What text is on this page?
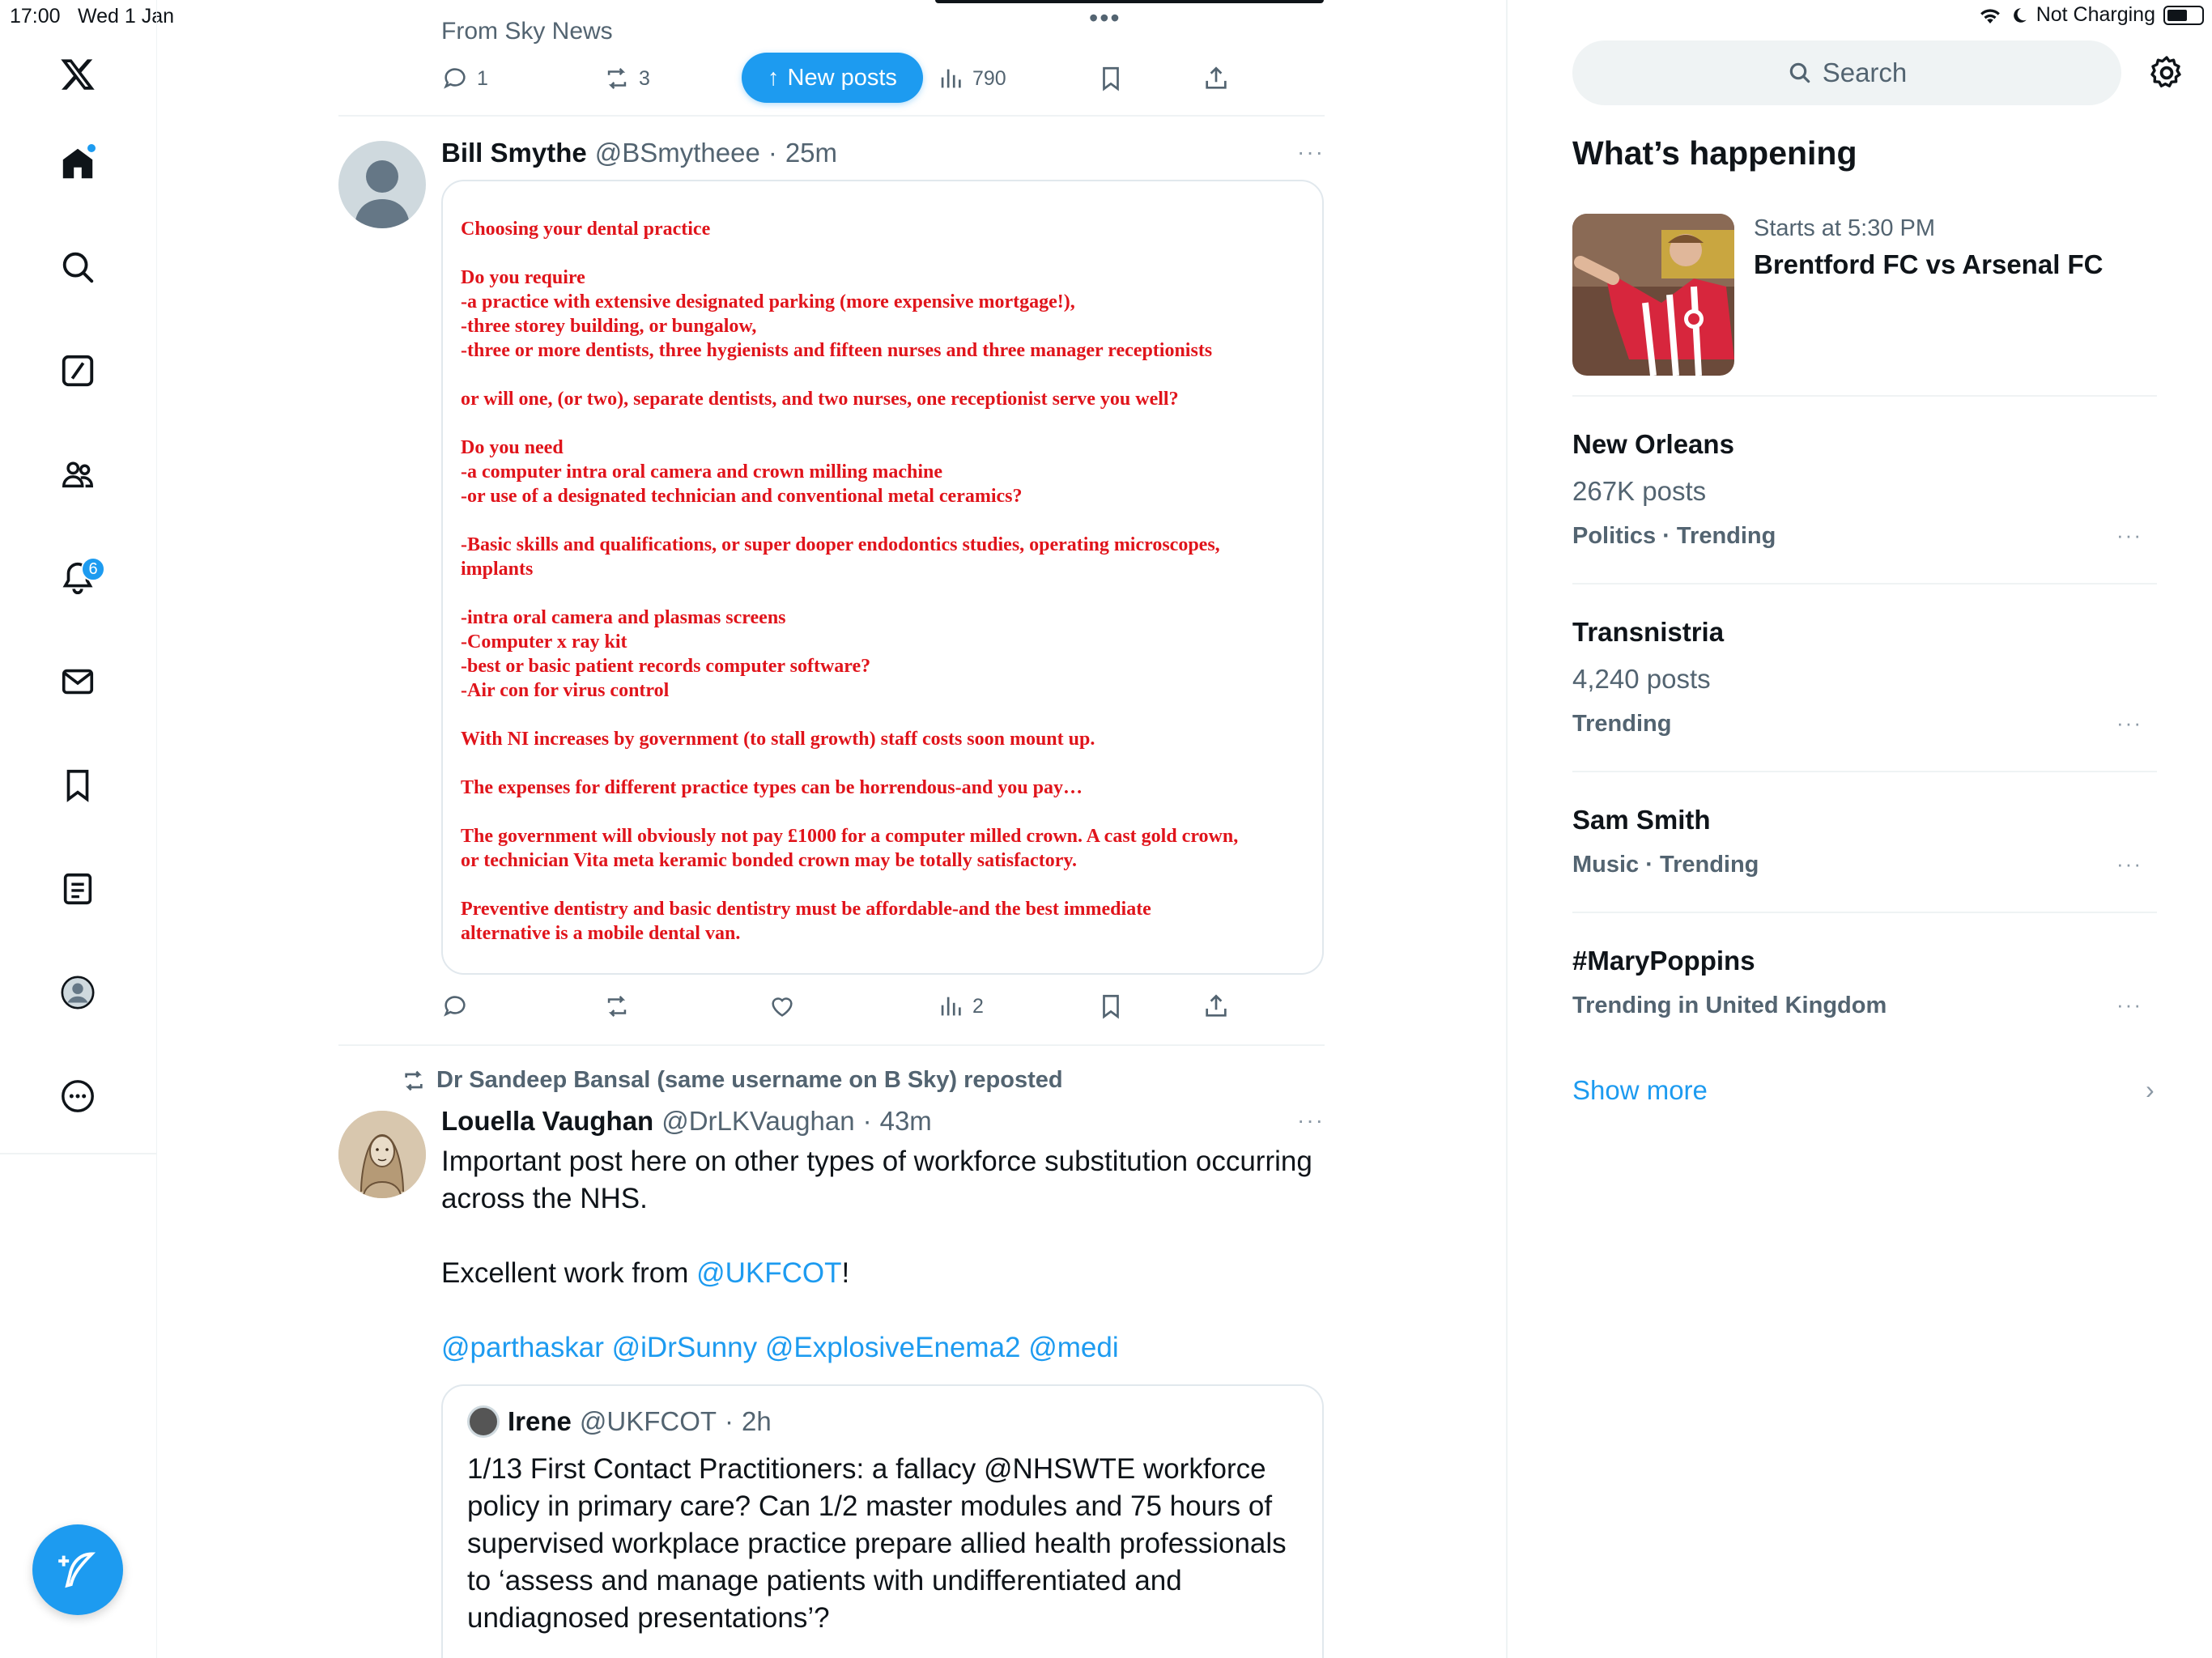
17:00 Wed 1 Jan	Not Charging
6
•••
From Sky News
1	3	790
↑ New posts
Bill Smythe @BSmytheee · 25m	···
Choosing your dental practice
Do you require
-a practice with extensive designated parking (more expensive mortgage!),
-three storey building, or bungalow,
-three or more dentists, three hygienists and fifteen nurses and three manager receptionists
or will one, (or two), separate dentists, and two nurses, one receptionist serve you well?
Do you need
-a computer intra oral camera and crown milling machine
-or use of a designated technician and conventional metal ceramics?
-Basic skills and qualifications, or super dooper endodontics studies, operating microscopes,
implants
-intra oral camera and plasmas screens
-Computer x ray kit
-best or basic patient records computer software?
-Air con for virus control
With NI increases by government (to stall growth) staff costs soon mount up.
The expenses for different practice types can be horrendous-and you pay…
The government will obviously not pay £1000 for a computer milled crown. A cast gold crown,
or technician Vita meta keramic bonded crown may be totally satisfactory.
Preventive dentistry and basic dentistry must be affordable-and the best immediate
alternative is a mobile dental van.
2
Dr Sandeep Bansal (same username on B Sky) reposted
Louella Vaughan @DrLKVaughan · 43m	···

Important post here on other types of workforce substitution occurring across the NHS.

Excellent work from @UKFCOT!

@parthaskar @iDrSunny @ExplosiveEnema2 @medi

Irene @UKFCOT · 2h
1/13 First Contact Practitioners: a fallacy @NHSWTE workforce policy in primary care? Can 1/2 master modules and 75 hours of supervised workplace practice prepare allied health professionals to ‘assess and manage patients with undifferentiated and undiagnosed presentations’?
Search
What’s happening
Starts at 5:30 PM
Brentford FC vs Arsenal FC
New Orleans
267K posts
Politics · Trending	···
Transnistria
4,240 posts
Trending	···
Sam Smith
Music · Trending	···
#MaryPoppins
Trending in United Kingdom	···
Show more	›
